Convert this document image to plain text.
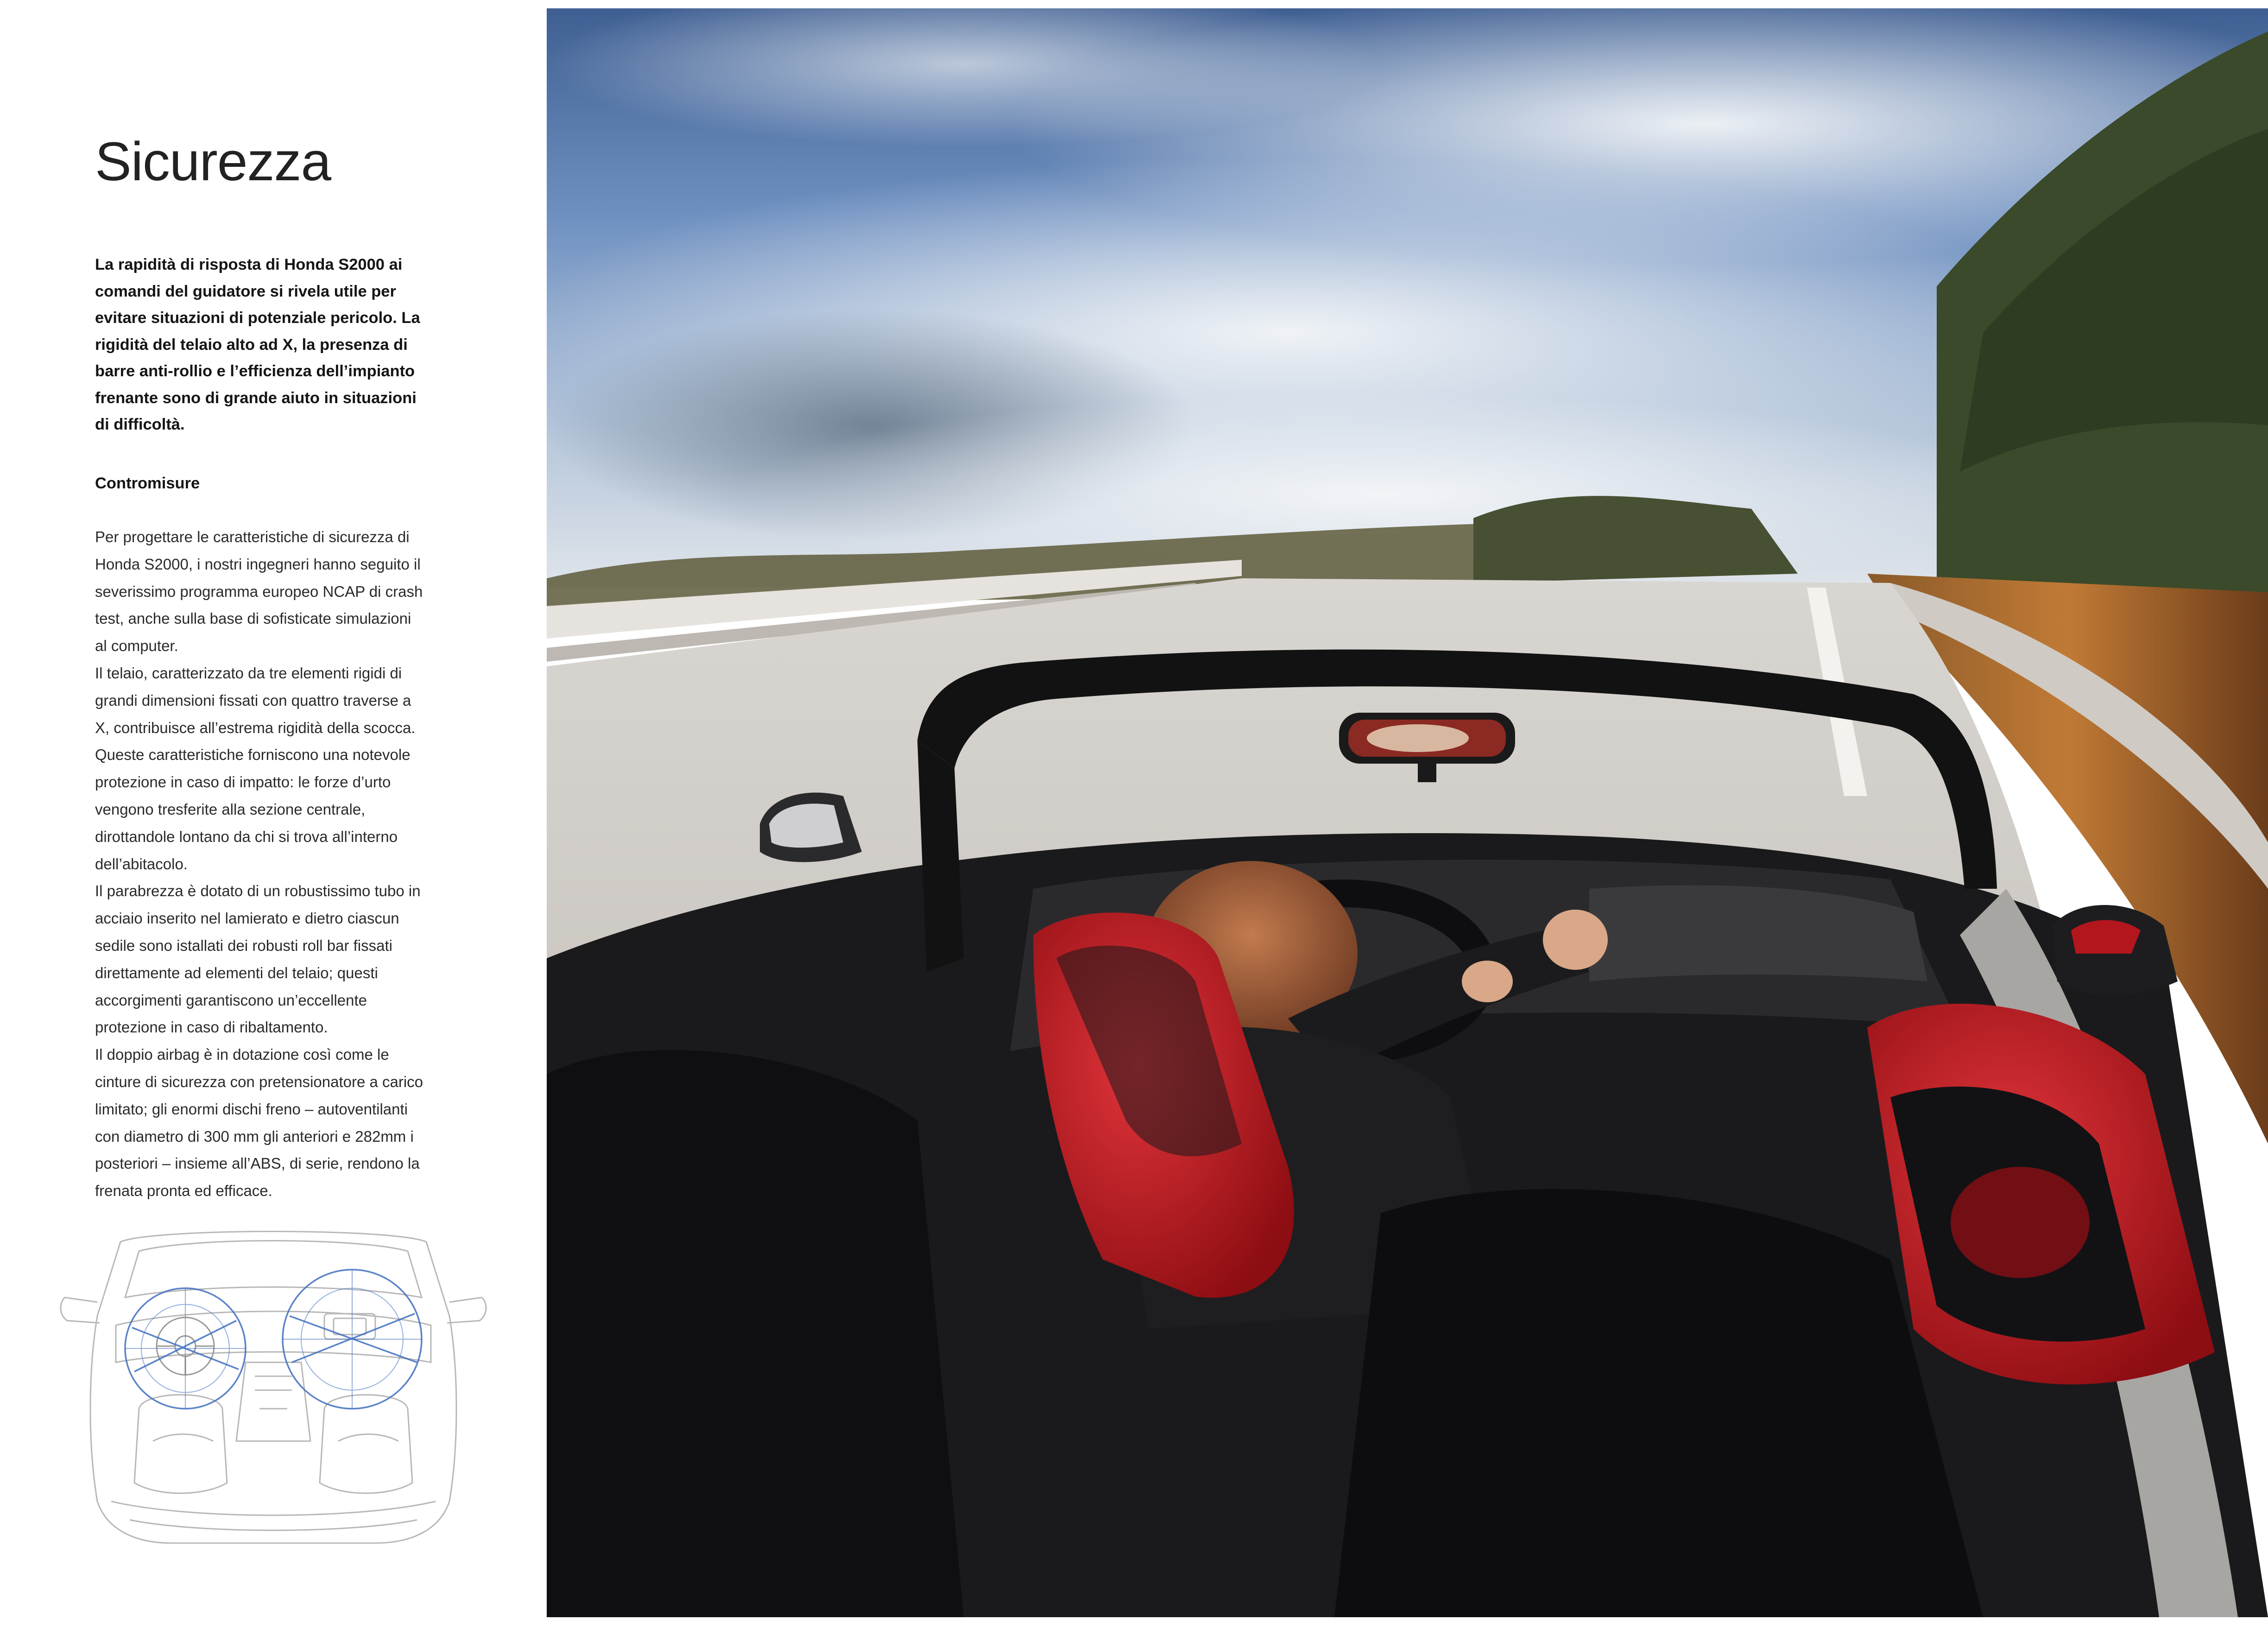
Sicurezza

La rapidità di risposta di Honda S2000 ai
comandi del guidatore si rivela utile per
evitare situazioni di potenziale pericolo. La
rigidità del telaio alto ad X, la presenza di
barre anti-rollio e l’efficienza dell’impianto
frenante sono di grande aiuto in situazioni
di difficoltà.

Contromisure

Per progettare le caratteristiche di sicurezza di
Honda S2000, i nostri ingegneri hanno seguito il
severissimo programma europeo NCAP di crash
test, anche sulla base di sofisticate simulazioni
al computer.
Il telaio, caratterizzato da tre elementi rigidi di
grandi dimensioni fissati con quattro traverse a
X, contribuisce all’estrema rigidità della scocca.
Queste caratteristiche forniscono una notevole
protezione in caso di impatto: le forze d’urto
vengono tresferite alla sezione centrale,
dirottandole lontano da chi si trova all’interno
dell’abitacolo.
Il parabrezza è dotato di un robustissimo tubo in
acciaio inserito nel lamierato e dietro ciascun
sedile sono istallati dei robusti roll bar fissati
direttamente ad elementi del telaio; questi
accorgimenti garantiscono un’eccellente
protezione in caso di ribaltamento.
Il doppio airbag è in dotazione così come le
cinture di sicurezza con pretensionatore a carico
limitato; gli enormi dischi freno – autoventilanti
con diametro di 300 mm gli anteriori e 282mm i
posteriori – insieme all’ABS, di serie, rendono la
frenata pronta ed efficace.
